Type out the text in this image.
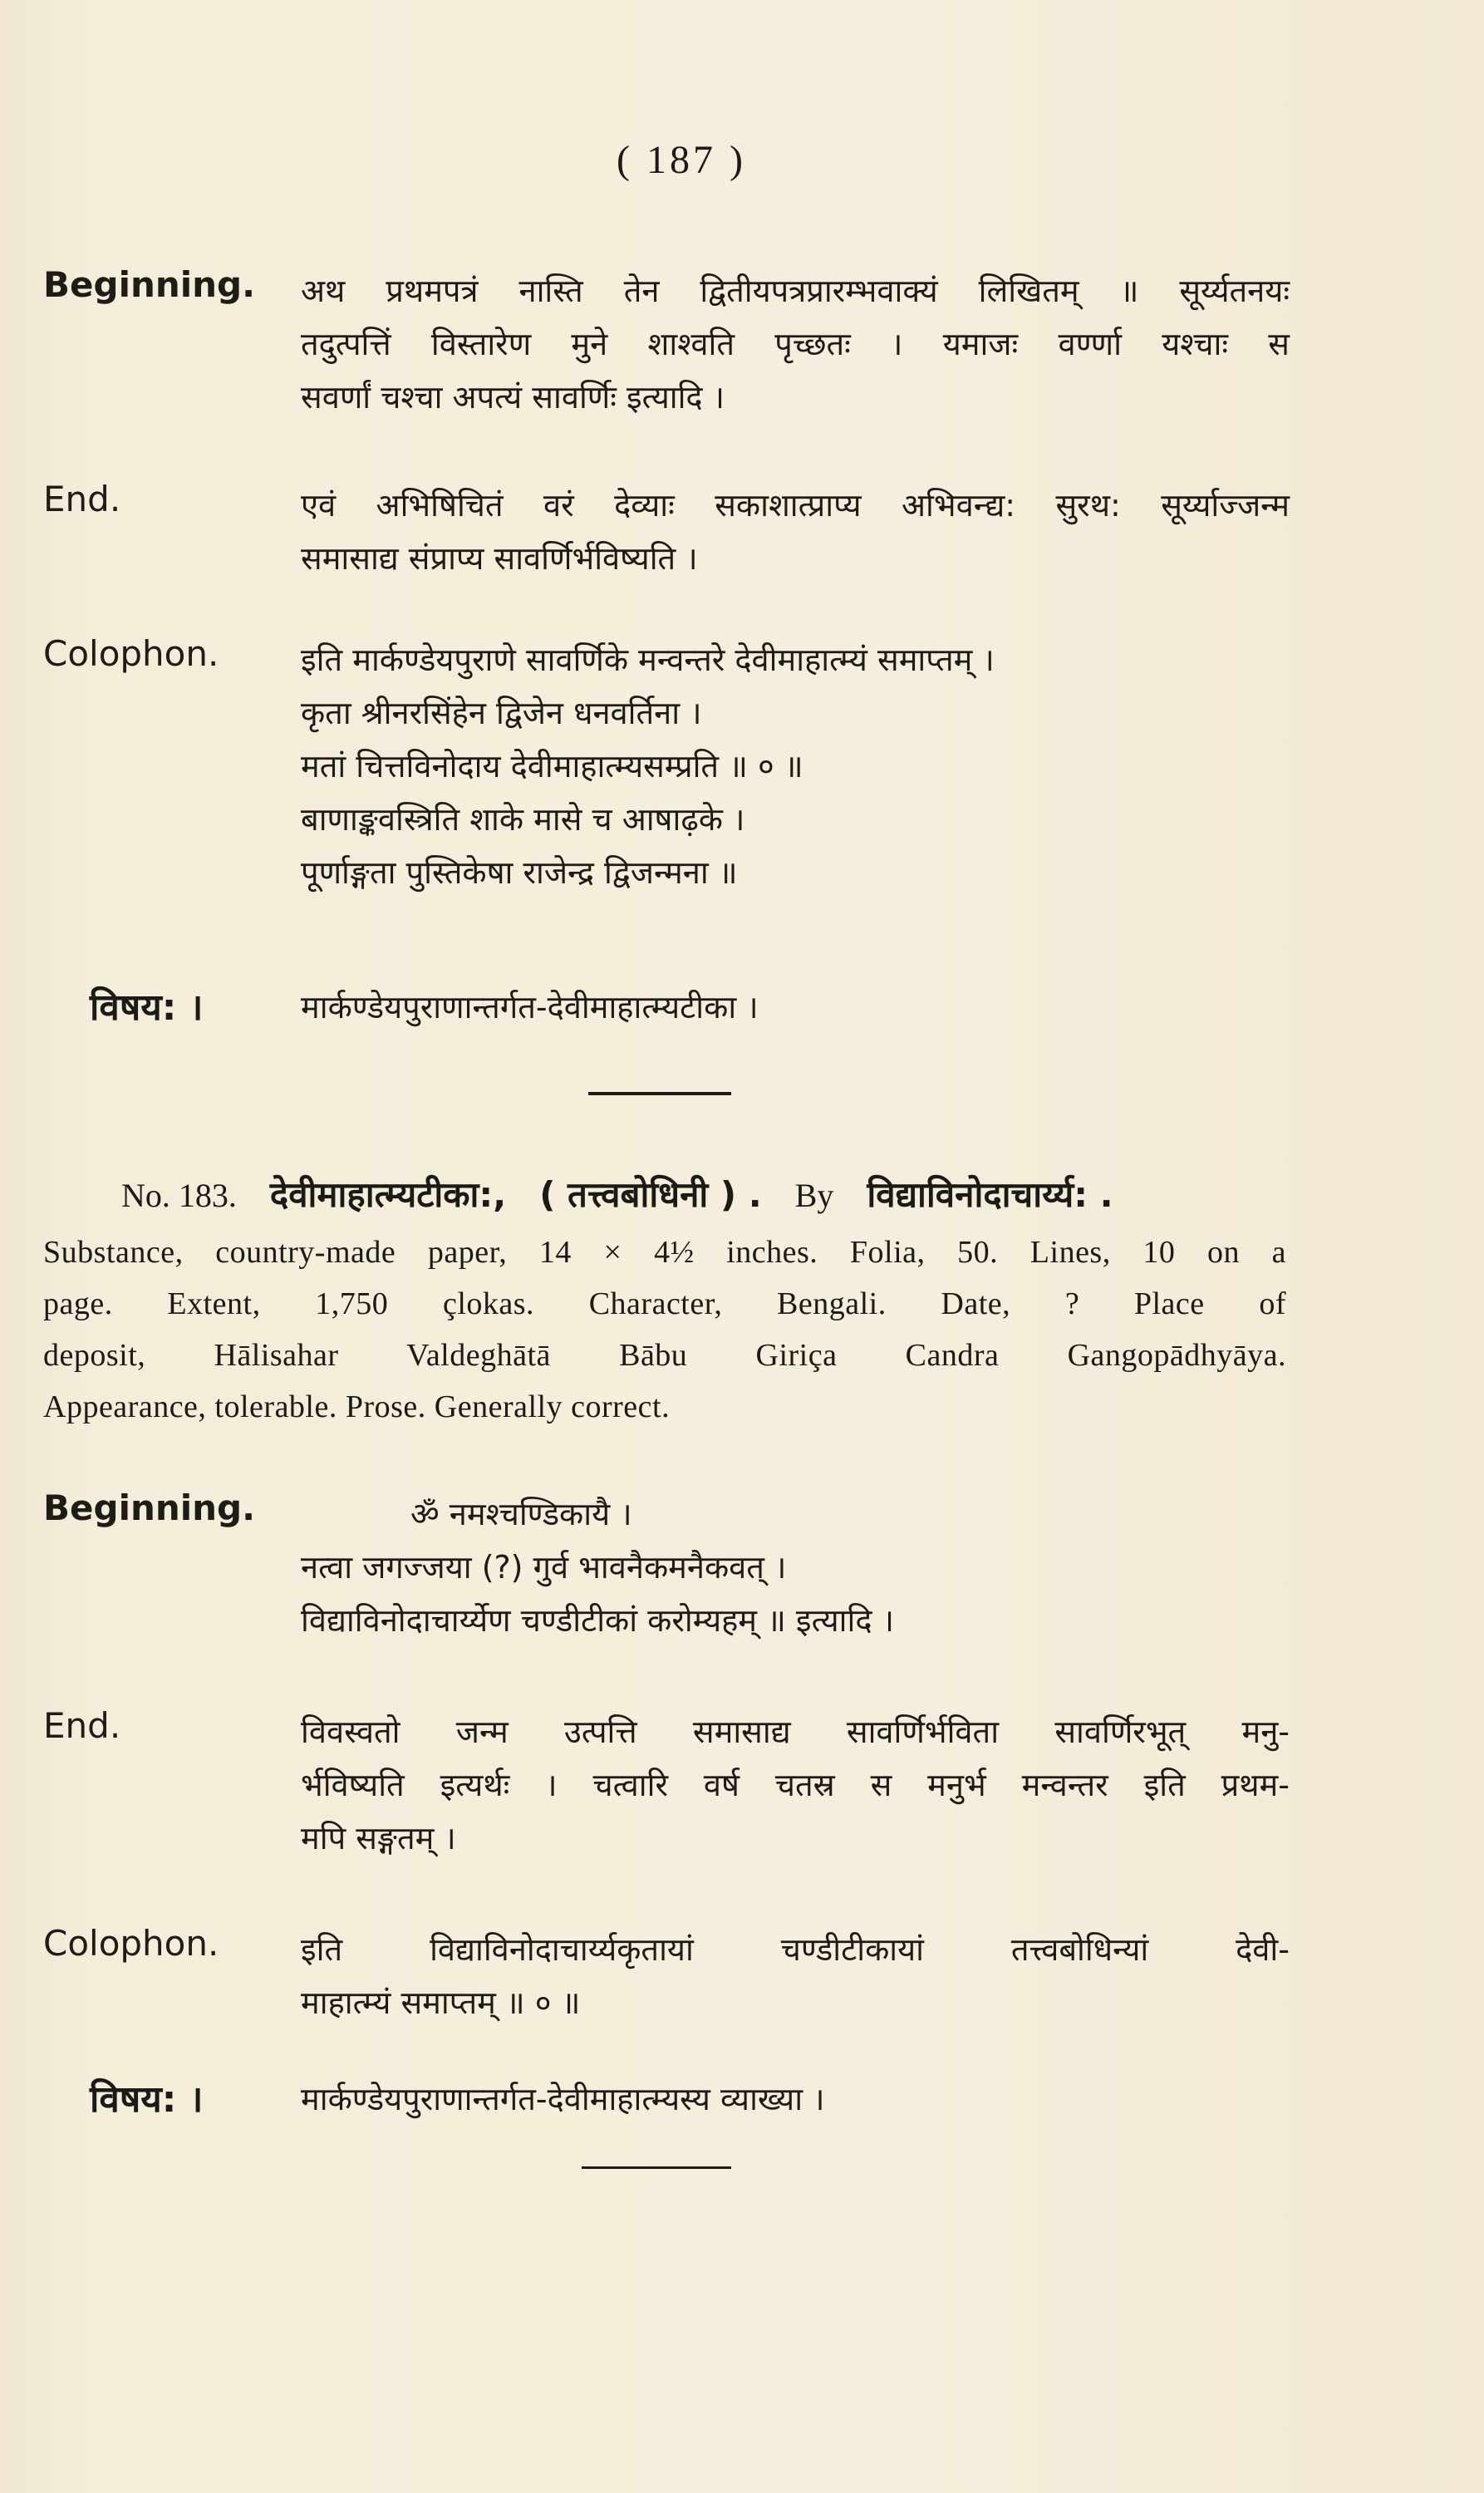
( 187 )
Beginning. अथ प्रथमपत्रं नास्ति तेन द्वितीयपत्रप्रारम्भवाक्यं लिखितम् ॥ सूर्य्यतनयः
तदुत्पत्तिं विस्तारेण मुने शाश्वति पृच्छतः । यमाजः वर्ण्णा यश्चाः स
सवर्णां चश्चा अपत्यं सावर्णिः इत्यादि ।
End.	एवं अभिषिचितं वरं देव्याः सकाशात्प्राप्य अभिवन्द्य: सुरथ: सूर्य्याज्जन्म
समासाद्य संप्राप्य सावर्णिर्भविष्यति ।
Colophon.	इति मार्कण्डेयपुराणे सावर्णिके मन्वन्तरे देवीमाहात्म्यं समाप्तम् ।
कृता श्रीनरसिंहेन द्विजेन धनवर्तिना ।
मतां चित्तविनोदाय देवीमाहात्म्यसम्प्रति ॥ ० ॥
बाणाङ्कवस्त्रिति शाके मासे च आषाढ़के ।
पूर्णाङ्गता पुस्तिकेषा राजेन्द्र द्विजन्मना ॥
विषय: ।	मार्कण्डेयपुराणान्तर्गत-देवीमाहात्म्यटीका ।
No. 183. देवीमाहात्म्यटीका:, ( तत्त्वबोधिनी ) . By विद्याविनोदाचार्य्य: .
Substance, country-made paper, 14 × 4½ inches. Folia, 50. Lines, 10 on a
page. Extent, 1,750 çlokas. Character, Bengali. Date, ? Place of
deposit, Hālisahar Valdeghātā Bābu Giriça Candra Gangopādhyāya.
Appearance, tolerable. Prose. Generally correct.
Beginning.	ॐ नमश्चण्डिकायै ।
नत्वा जगज्जया (?) गुर्व भावनैकमनैकवत् ।
विद्याविनोदाचार्य्येण चण्डीटीकां करोम्यहम् ॥ इत्यादि ।
End.	विवस्वतो जन्म उत्पत्ति समासाद्य सावर्णिर्भविता सावर्णिरभूत् मनु-
र्भविष्यति इत्यर्थः । चत्वारि वर्ष चतस्र स मनुर्भ मन्वन्तर इति प्रथम-
मपि सङ्गतम् ।
Colophon.	इति विद्याविनोदाचार्य्यकृतायां चण्डीटीकायां तत्त्वबोधिन्यां देवी-
माहात्म्यं समाप्तम् ॥ ० ॥
विषय: ।	मार्कण्डेयपुराणान्तर्गत-देवीमाहात्म्यस्य व्याख्या ।
